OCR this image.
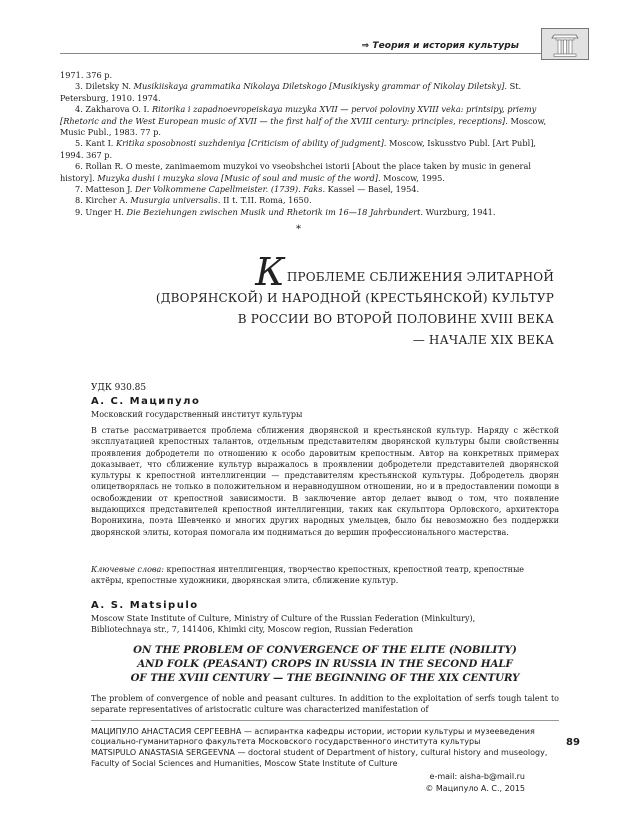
⇒ Теория и история культуры
1971. 376 p.
3. Diletsky N. Musikiiskaya grammatika Nikolaya Diletskogo [Musikiysky grammar of Nikolay Diletsky]. St. Petersburg, 1910. 1974.
4. Zakharova O. I. Ritorika i zapadnoevropeiskaya muzyka XVII — pervoi poloviny XVIII veka: printsipy, priemy [Rhetoric and the West European music of XVII — the first half of the XVIII century: principles, receptions]. Moscow, Music Publ., 1983. 77 p.
5. Kant I. Kritika sposobnosti suzhdeniya [Criticism of ability of judgment]. Moscow, Iskusstvo Publ. [Art Publ], 1994. 367 p.
6. Rollan R. O meste, zanimaemom muzykoi vo vseobshchei istorii [About the place taken by music in general history]. Muzyka dushi i muzyka slova [Music of soul and music of the word]. Moscow, 1995.
7. Matteson J. Der Volkommene Capellmeister. (1739). Faks. Kassel — Basel, 1954.
8. Kircher A. Musurgia universalis. II t. T.II. Roma, 1650.
9. Unger H. Die Beziehungen zwischen Musik und Rhetorik im 16—18 Jahrbundert. Wurzburg, 1941.
*
КПРОБЛЕМЕ СБЛИЖЕНИЯ ЭЛИТАРНОЙ
(ДВОРЯНСКОЙ) И НАРОДНОЙ (КРЕСТЬЯНСКОЙ) КУЛЬТУР
В РОССИИ ВО ВТОРОЙ ПОЛОВИНЕ XVIII ВЕКА
— НАЧАЛЕ XIX ВЕКА
УДК 930.85
А. С. Маципуло
Московский государственный институт культуры
В статье рассматривается проблема сближения дворянской и крестьянской культур. Наряду с жёсткой эксплуатацией крепостных талантов, отдельным представителям дворянской культуры были свойственны проявления добродетели по отношению к особо даровитым крепостным. Автор на конкретных примерах доказывает, что сближение культур выражалось в проявлении добродетели представителей дворянской культуры к крепостной интеллигенции — представителям крестьянской культуры. Добродетель дворян олицетворялась не только в положительном и неравнодушном отношении, но и в предоставлении помощи в освобождении от крепостной зависимости. В заключение автор делает вывод о том, что появление выдающихся представителей крепостной интеллигенции, таких как скульптора Орловского, архитектора Воронихина, поэта Шевченко и многих других народных умельцев, было бы невозможно без поддержки дворянской элиты, которая помогала им подниматься до вершин профессионального мастерства.
Ключевые слова: крепостная интеллигенция, творчество крепостных, крепостной театр, крепостные актёры, крепостные художники, дворянская элита, сближение культур.
A. S. Matsipulo
Moscow State Institute of Culture, Ministry of Culture of the Russian Federation (Minkultury),
Bibliotechnaya str., 7, 141406, Khimki city, Moscow region, Russian Federation
ON THE PROBLEM OF CONVERGENCE OF THE ELITE (NOBILITY)
AND FOLK (PEASANT) CROPS IN RUSSIA IN THE SECOND HALF
OF THE XVIII CENTURY — THE BEGINNING OF THE XIX CENTURY
The problem of convergence of noble and peasant cultures. In addition to the exploitation of serfs tough talent to separate representatives of aristocratic culture was characterized manifestation of

МАЦИПУЛО АНАСТАСИЯ СЕРГЕЕВНА — аспирантка кафедры истории, истории культуры и музееведения социально-гуманитарного факультета Московского государственного института культуры

MATSIPULO ANASTASIA SERGEEVNA — doctoral student of Department of history, cultural history and museology, Faculty of Social Sciences and Humanities, Moscow State Institute of Culture

89
e-mail: aisha-b@mail.ru
© Маципуло А. С., 2015
